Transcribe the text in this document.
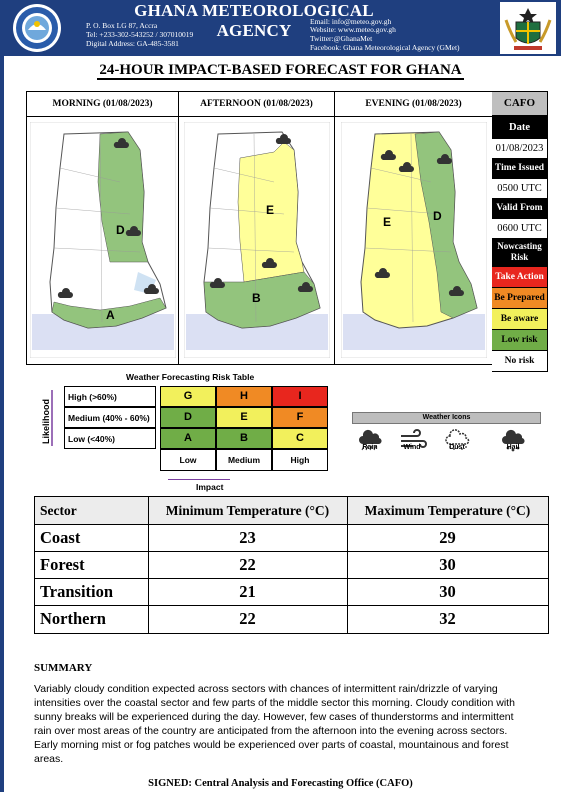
GHANA METEOROLOGICAL AGENCY
P. O. Box LG 87, Accra
Tel: +233-302-543252 / 307010019
Digital Address: GA-485-3581
Email: info@meteo.gov.gh
Website: www.meteo.gov.gh
Twitter:@GhanaMet
Facebook: Ghana Meteorological Agency (GMet)
24-HOUR IMPACT-BASED FORECAST FOR GHANA
MORNING (01/08/2023)	AFTERNOON (01/08/2023)	EVENING (01/08/2023)
D
A
E
B
E	D
CAFO
Date
01/08/2023
Time Issued
0500 UTC
Valid From
0600 UTC
Nowcasting Risk
Take Action
Be Prepared
Be aware
Low risk
No risk
Weather Forecasting Risk Table
Likelihood
High (>60%)
Medium (40% - 60%)
Low (<40%)
G	H	I
D	E	F
A	B	C
Low	Medium	High
Impact
Weather Icons
Rain	Wind	Dust	Hail
Sector	Minimum Temperature (°C)	Maximum Temperature (°C)
Coast	23	29
Forest	22	30
Transition	21	30
Northern	22	32
SUMMARY
Variably cloudy condition expected across sectors with chances of intermittent rain/drizzle of varying intensities over the coastal sector and few parts of the middle sector this morning. Cloudy condition with sunny breaks will be experienced during the day. However, few cases of thunderstorms and intermittent rain over most areas of the country are anticipated from the afternoon into the evening across sectors. Early morning mist or fog patches would be experienced over parts of coastal, mountainous and forest areas.
SIGNED: Central Analysis and Forecasting Office (CAFO)
